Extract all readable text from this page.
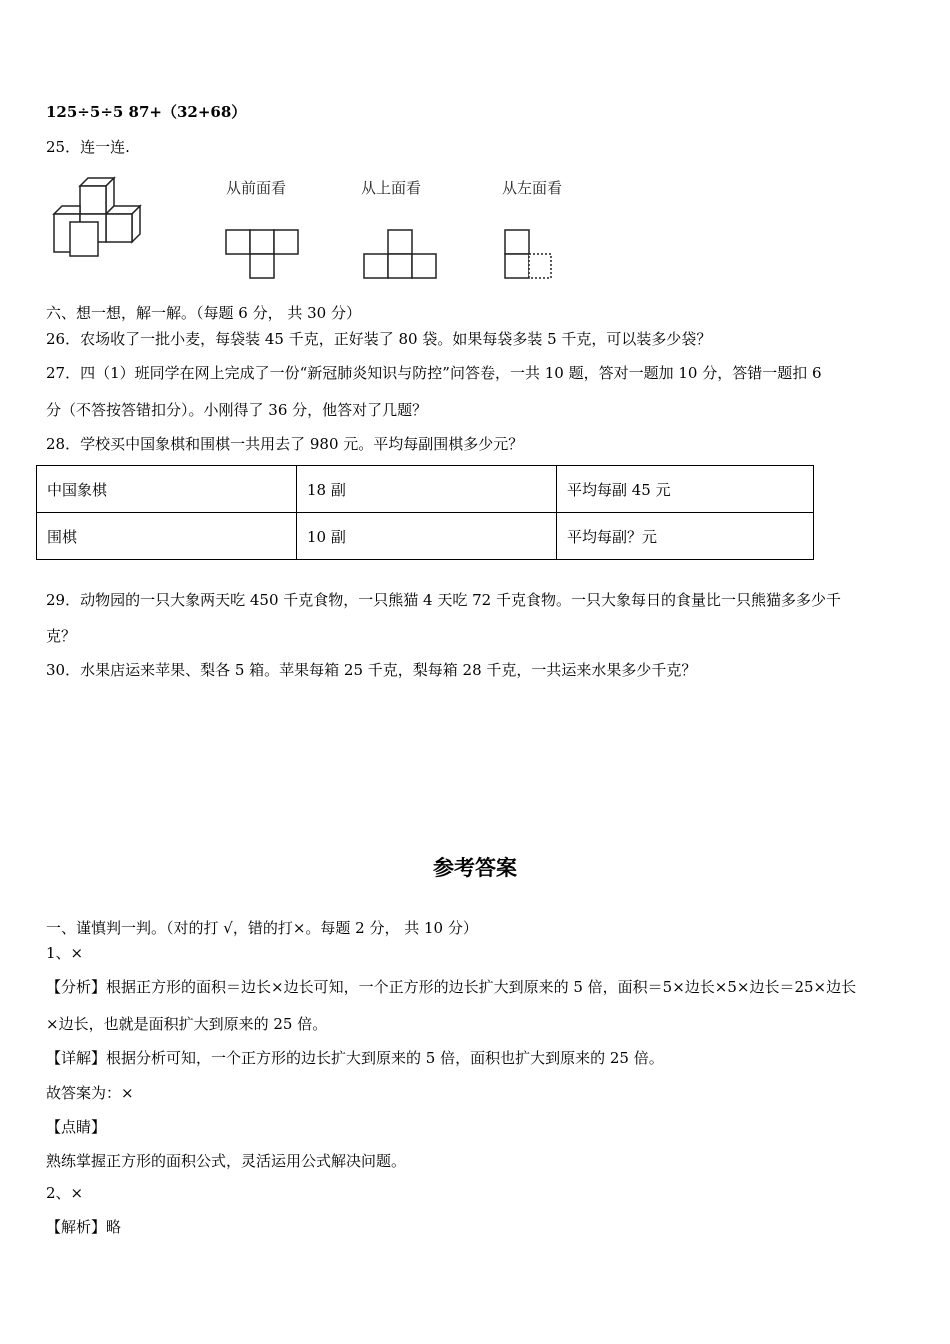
125÷5÷5 87+（32+68）
25．连一连.
从前面看	从上面看	从左面看
六、想一想，解一解。（每题 6 分， 共 30 分）
26．农场收了一批小麦，每袋装 45 千克，正好装了 80 袋。如果每袋多装 5 千克，可以装多少袋？
27．四（1）班同学在网上完成了一份“新冠肺炎知识与防控”问答卷，一共 10 题，答对一题加 10 分，答错一题扣 6
分（不答按答错扣分）。小刚得了 36 分，他答对了几题？
28．学校买中国象棋和围棋一共用去了 980 元。平均每副围棋多少元？
中国象棋	18 副	平均每副 45 元
围棋	10 副	平均每副？元
29．动物园的一只大象两天吃 450 千克食物，一只熊猫 4 天吃 72 千克食物。一只大象每日的食量比一只熊猫多多少千
克？
30．水果店运来苹果、梨各 5 箱。苹果每箱 25 千克，梨每箱 28 千克，一共运来水果多少千克？
参考答案
一、谨慎判一判。（对的打 √，错的打×。每题 2 分， 共 10 分）
1、×
【分析】根据正方形的面积＝边长×边长可知，一个正方形的边长扩大到原来的 5 倍，面积＝5×边长×5×边长＝25×边长
×边长，也就是面积扩大到原来的 25 倍。
【详解】根据分析可知，一个正方形的边长扩大到原来的 5 倍，面积也扩大到原来的 25 倍。
故答案为：×
【点睛】
熟练掌握正方形的面积公式，灵活运用公式解决问题。
2、×
【解析】略
